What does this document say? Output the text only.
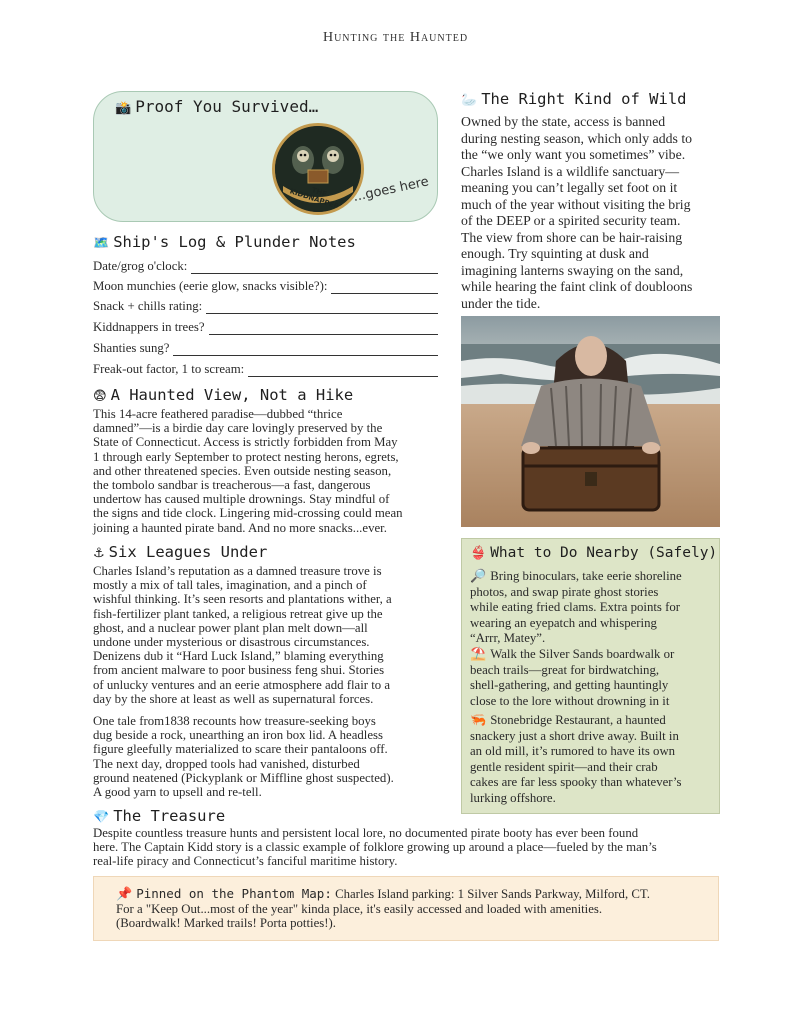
Hunting the Haunted
📸 Proof You Survived…
THE KIDDNAPPERS ...goes here
🗺️ Ship's Log & Plunder Notes
Date/grog o'clock:
Moon munchies (eerie glow, snacks visible?):
Snack + chills rating:
Kiddnappers in trees?
Shanties sung?
Freak-out factor, 1 to scream:
😨 A Haunted View, Not a Hike
This 14-acre feathered paradise—dubbed “thrice
damned”—is a birdie day care lovingly preserved by the
State of Connecticut. Access is strictly forbidden from May
1 through early September to protect nesting herons, egrets,
and other threatened species. Even outside nesting season,
the tombolo sandbar is treacherous—a fast, dangerous
undertow has caused multiple drownings. Stay mindful of
the signs and tide clock. Lingering mid-crossing could mean
joining a haunted pirate band. And no more snacks...ever.
⚓ Six Leagues Under
Charles Island’s reputation as a damned treasure trove is
mostly a mix of tall tales, imagination, and a pinch of
wishful thinking. It’s seen resorts and plantations wither, a
fish-fertilizer plant tanked, a religious retreat give up the
ghost, and a nuclear power plant plan melt down—all
undone under mysterious or disastrous circumstances.
Denizens dub it “Hard Luck Island,” blaming everything
from ancient malware to poor business feng shui. Stories
of unlucky ventures and an eerie atmosphere add flair to a
day by the shore at least as well as supernatural forces.
One tale from1838 recounts how treasure-seeking boys
dug beside a rock, unearthing an iron box lid. A headless
figure gleefully materialized to scare their pantaloons off.
The next day, dropped tools had vanished, disturbed
ground neatened (Pickyplank or Miffline ghost suspected).
A good yarn to upsell and re-tell.
🦢 The Right Kind of Wild
Owned by the state, access is banned
during nesting season, which only adds to
the “we only want you sometimes” vibe.
Charles Island is a wildlife sanctuary—
meaning you can’t legally set foot on it
much of the year without visiting the brig
of the DEEP or a spirited security team.
The view from shore can be hair-raising
enough. Try squinting at dusk and
imagining lanterns swaying on the sand,
while hearing the faint clink of doubloons
under the tide.
👙 What to Do Nearby (Safely)
🔎 Bring binoculars, take eerie shoreline
photos, and swap pirate ghost stories
while eating fried clams. Extra points for
wearing an eyepatch and whispering
“Arrr, Matey”.
⛱️ Walk the Silver Sands boardwalk or
beach trails—great for birdwatching,
shell-gathering, and getting hauntingly
close to the lore without drowning in it
🦐 Stonebridge Restaurant, a haunted
snackery just a short drive away. Built in
an old mill, it’s rumored to have its own
gentle resident spirit—and their crab
cakes are far less spooky than whatever’s
lurking offshore.
💎 The Treasure
Despite countless treasure hunts and persistent local lore, no documented pirate booty has ever been found
here. The Captain Kidd story is a classic example of folklore growing up around a place—fueled by the man’s
real-life piracy and Connecticut’s fanciful maritime history.
📌 Pinned on the Phantom Map: Charles Island parking: 1 Silver Sands Parkway, Milford, CT.
For a "Keep Out...most of the year" kinda place, it's easily accessed and loaded with amenities.
(Boardwalk! Marked trails! Porta potties!).
